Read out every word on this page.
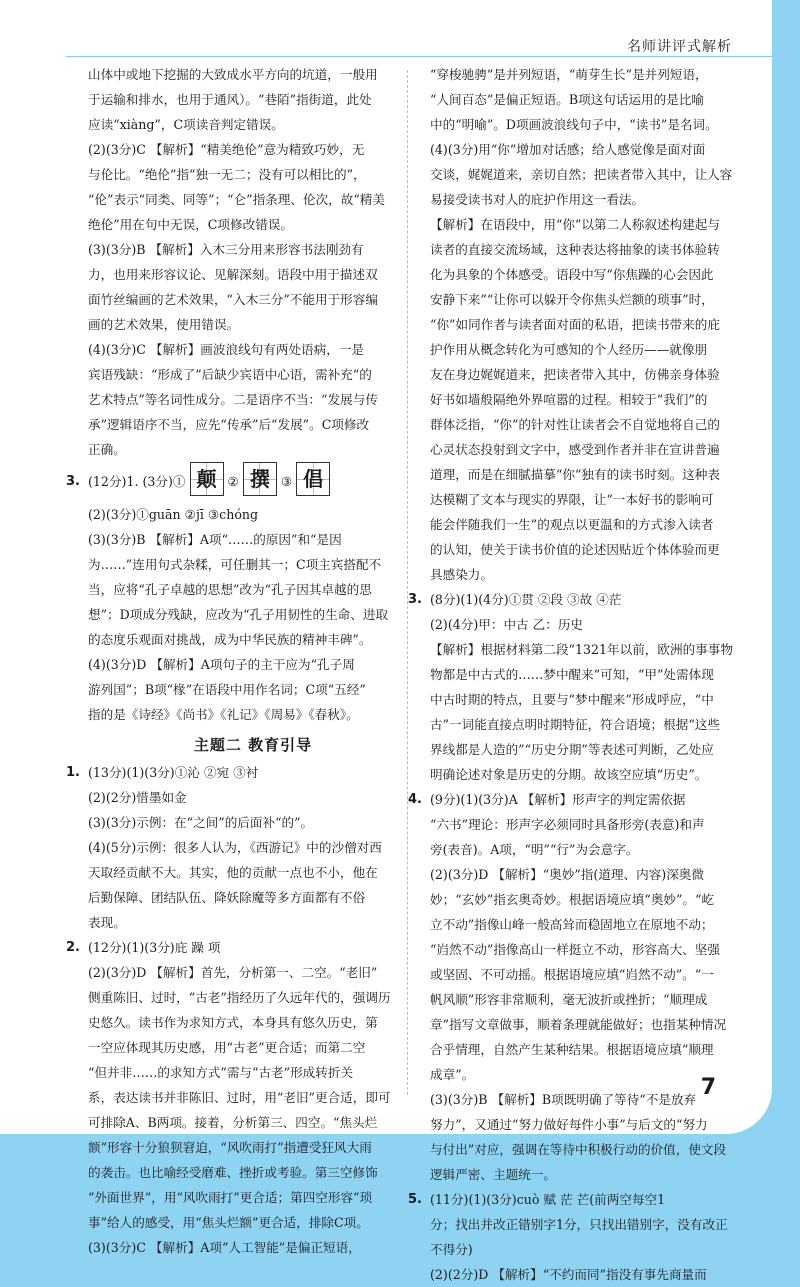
名师讲评式解析

山体中或地下挖掘的大致成水平方向的坑道，一般用

于运输和排水，也用于通风）。“巷陌”指街道，此处

应读“xiàng”，C项读音判定错误。

(2)(3分)C 【解析】“精美绝伦”意为精致巧妙，无

与伦比。“绝伦”指“独一无二；没有可以相比的”，

“伦”表示“同类、同等”；“仑”指条理、伦次，故“精美

绝伦”用在句中无误，C项修改错误。

(3)(3分)B 【解析】入木三分用来形容书法刚劲有

力，也用来形容议论、见解深刻。语段中用于描述双

面竹丝编画的艺术效果，“入木三分”不能用于形容编

画的艺术效果，使用错误。

(4)(3分)C 【解析】画波浪线句有两处语病，一是

宾语残缺：“形成了”后缺少宾语中心语，需补充“的

艺术特点”等名词性成分。二是语序不当：“发展与传

承”逻辑语序不当，应先“传承”后“发展”。C项修改

正确。

3. (12分)1. (3分)① 颠 ② 撰 ③ 倡

(2)(3分)①guān ②jī ③chóng

(3)(3分)B 【解析】A项“……的原因”和“是因

为……”连用句式杂糅，可任删其一；C项主宾搭配不

当，应将“孔子卓越的思想”改为“孔子因其卓越的思

想”；D项成分残缺，应改为“孔子用韧性的生命、进取

的态度乐观面对挑战，成为中华民族的精神丰碑”。

(4)(3分)D 【解析】A项句子的主干应为“孔子周

游列国”；B项“椽”在语段中用作名词；C项“五经”

指的是《诗经》《尚书》《礼记》《周易》《春秋》。

主题二 教育引导
1. (13分)(1)(3分)①沁 ②宛 ③衬

(2)(2分)惜墨如金

(3)(3分)示例：在“之间”的后面补“的”。

(4)(5分)示例：很多人认为，《西游记》中的沙僧对西

天取经贡献不大。其实，他的贡献一点也不小，他在

后勤保障、团结队伍、降妖除魔等多方面都有不俗

表现。

2. (12分)(1)(3分)庇 躁 项

(2)(3分)D 【解析】首先，分析第一、二空。“老旧”

侧重陈旧、过时，“古老”指经历了久远年代的，强调历

史悠久。读书作为求知方式，本身具有悠久历史，第

一空应体现其历史感，用“古老”更合适；而第二空

“但并非……的求知方式”需与“古老”形成转折关

系，表达读书并非陈旧、过时，用“老旧”更合适，即可

可排除A、B两项。接着，分析第三、四空。“焦头烂

额”形容十分狼狈窘迫，“风吹雨打”指遭受狂风大雨

的袭击。也比喻经受磨难、挫折或考验。第三空修饰

“外面世界”，用“风吹雨打”更合适；第四空形容“琐

事”给人的感受，用“焦头烂额”更合适，排除C项。

(3)(3分)C 【解析】A项“人工智能”是偏正短语，

“穿梭驰骋”是并列短语，“萌芽生长”是并列短语，

“人间百态”是偏正短语。B项这句话运用的是比喻

中的“明喻”。D项画波浪线句子中，“读书”是名词。

(4)(3分)用“你”增加对话感；给人感觉像是面对面

交谈，娓娓道来，亲切自然；把读者带入其中，让人容

易接受读书对人的庇护作用这一看法。

【解析】在语段中，用“你”以第二人称叙述构建起与

读者的直接交流场域，这种表达将抽象的读书体验转

化为具象的个体感受。语段中写“你焦躁的心会因此

安静下来”“让你可以躲开令你焦头烂额的琐事”时，

“你”如同作者与读者面对面的私语，把读书带来的庇

护作用从概念转化为可感知的个人经历——就像朋

友在身边娓娓道来，把读者带入其中，仿佛亲身体验

好书如墙般隔绝外界喧嚣的过程。相较于“我们”的

群体泛指，“你”的针对性让读者会不自觉地将自己的

心灵状态投射到文字中，感受到作者并非在宣讲普遍

道理，而是在细腻描摹“你”独有的读书时刻。这种表

达模糊了文本与现实的界限，让“一本好书的影响可

能会伴随我们一生”的观点以更温和的方式渗入读者

的认知，使关于读书价值的论述因贴近个体体验而更

具感染力。

3. (8分)(1)(4分)①贯 ②段 ③故 ④茫

(2)(4分)甲：中古 乙：历史

【解析】根据材料第二段“1321年以前，欧洲的事事物

物都是中古式的……梦中醒来”可知，“甲”处需体现

中古时期的特点，且要与“梦中醒来”形成呼应，“中

古”一词能直接点明时期特征，符合语境；根据“这些

界线都是人造的”“历史分期”等表述可判断，乙处应

明确论述对象是历史的分期。故该空应填“历史”。

4. (9分)(1)(3分)A 【解析】形声字的判定需依据

“六书”理论：形声字必须同时具备形旁(表意)和声

旁(表音)。A项，“明”“行”为会意字。

(2)(3分)D 【解析】“奥妙”指(道理、内容)深奥微

妙；“玄妙”指玄奥奇妙。根据语境应填“奥妙”。“屹

立不动”指像山峰一般高耸而稳固地立在原地不动；

“岿然不动”指像高山一样挺立不动，形容高大、坚强

或坚固、不可动摇。根据语境应填“岿然不动”。“一

帆风顺”形容非常顺利，毫无波折或挫折；“顺理成

章”指写文章做事，顺着条理就能做好；也指某种情况

合乎情理，自然产生某种结果。根据语境应填“顺理

成章”。

(3)(3分)B 【解析】B项既明确了等待“不是放弃

努力”，又通过“努力做好每件小事”与后文的“努力

与付出”对应，强调在等待中积极行动的价值，使文段

逻辑严密、主题统一。

5. (11分)(1)(3分)cuò 赋 茫 芒(前两空每空1

分；找出并改正错别字1分，只找出错别字，没有改正

不得分)

(2)(2分)D 【解析】“不约而同”指没有事先商量而

7
